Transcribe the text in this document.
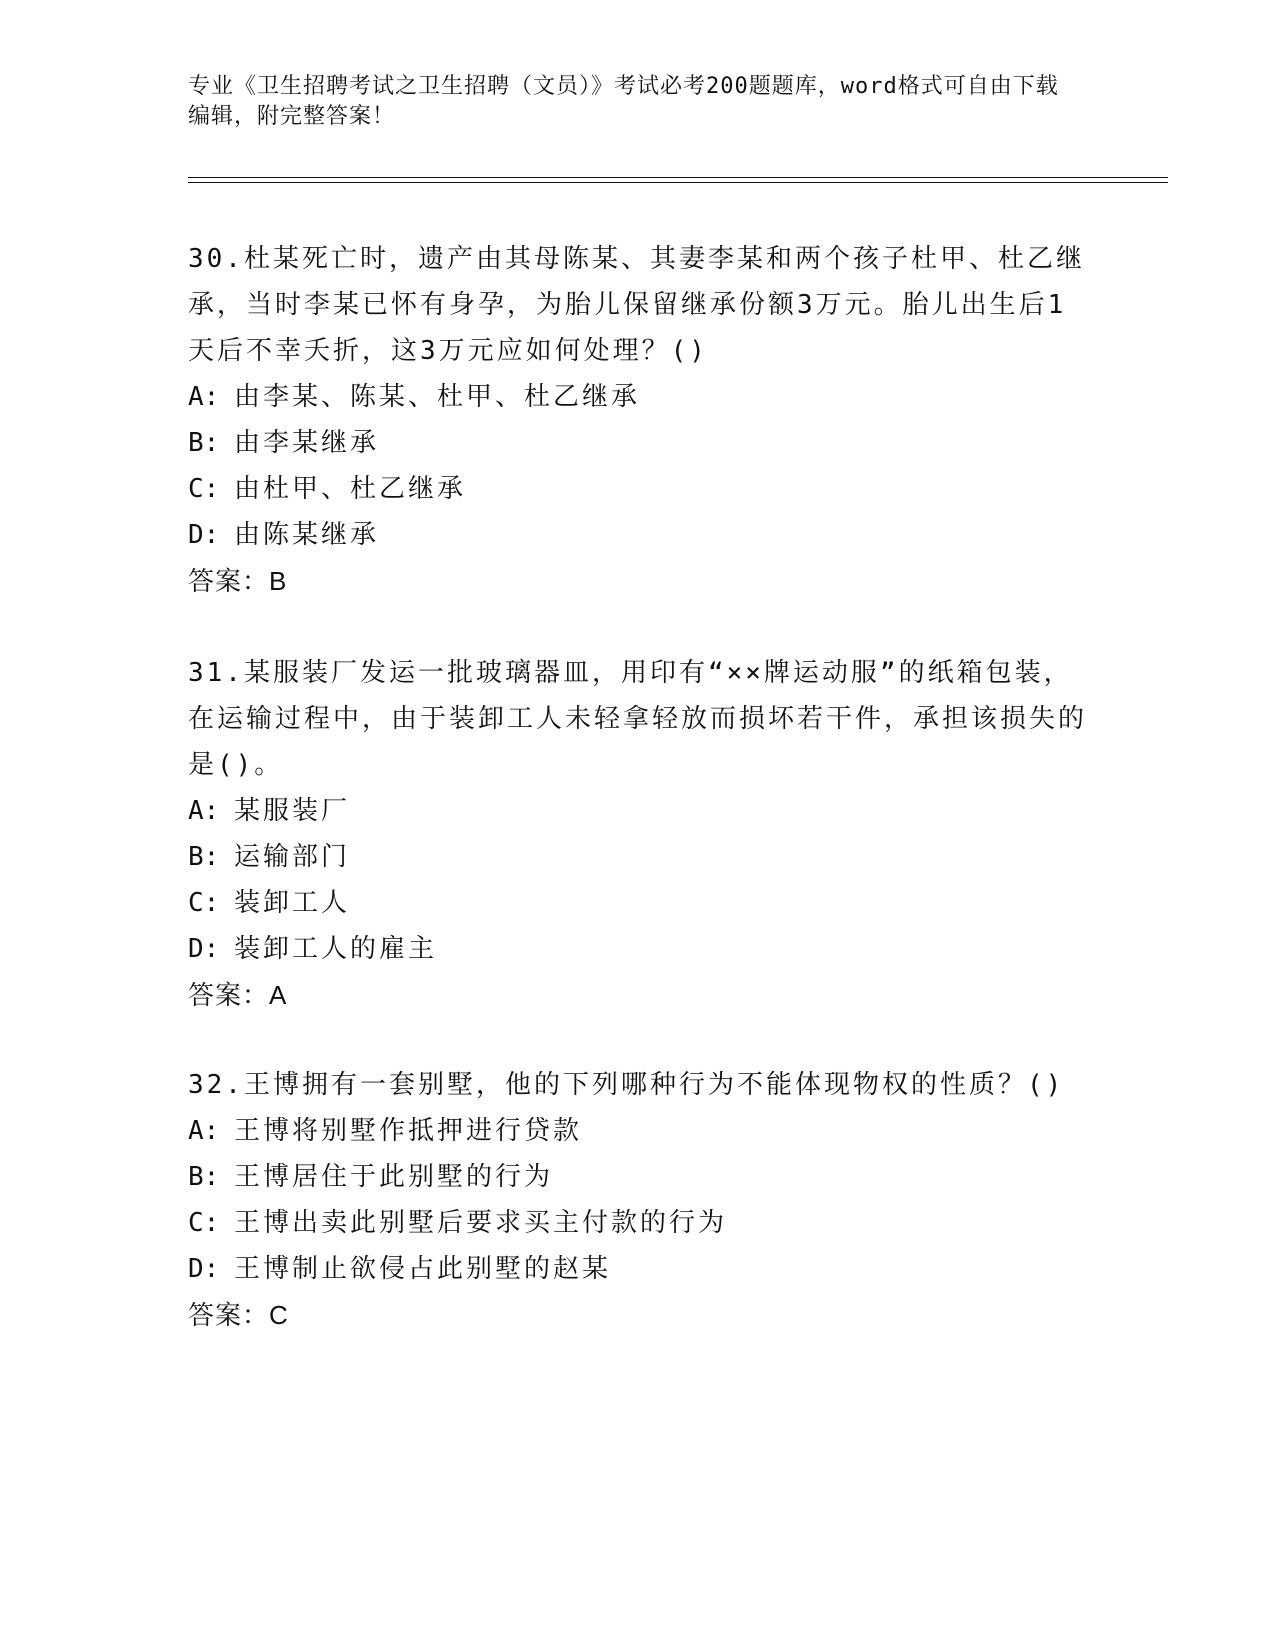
专业《卫生招聘考试之卫生招聘（文员）》考试必考200题题库，word格式可自由下载编辑，附完整答案！
30.杜某死亡时，遗产由其母陈某、其妻李某和两个孩子杜甲、杜乙继承，当时李某已怀有身孕，为胎儿保留继承份额3万元。胎儿出生后1天后不幸夭折，这3万元应如何处理？()
A: 由李某、陈某、杜甲、杜乙继承
B: 由李某继承
C: 由杜甲、杜乙继承
D: 由陈某继承
答案：B
31.某服装厂发运一批玻璃器皿，用印有“××牌运动服”的纸箱包装，在运输过程中，由于装卸工人未轻拿轻放而损坏若干件，承担该损失的是()。
A: 某服装厂
B: 运输部门
C: 装卸工人
D: 装卸工人的雇主
答案：A
32.王博拥有一套别墅，他的下列哪种行为不能体现物权的性质？()
A: 王博将别墅作抵押进行贷款
B: 王博居住于此别墅的行为
C: 王博出卖此别墅后要求买主付款的行为
D: 王博制止欲侵占此别墅的赵某
答案：C
